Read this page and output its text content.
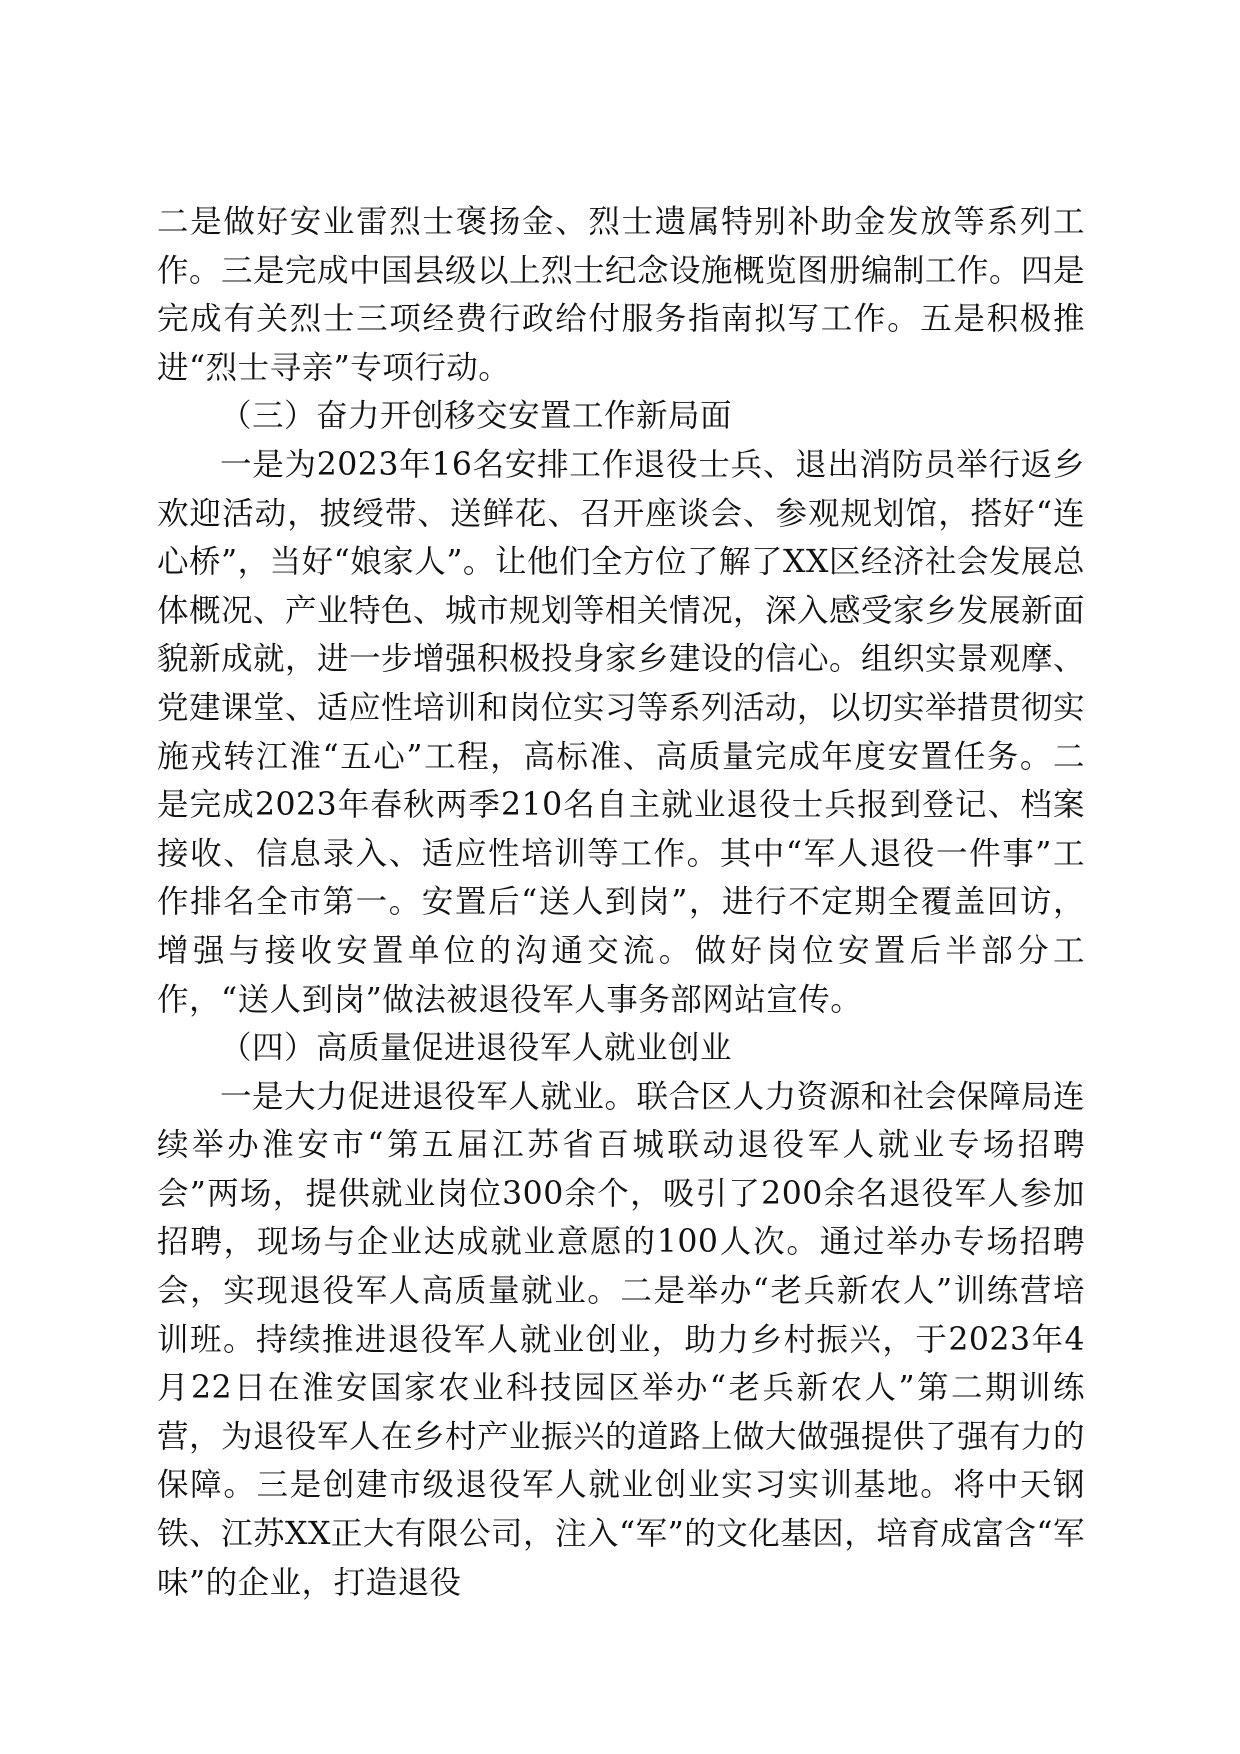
二是做好安业雷烈士褒扬金、烈士遗属特别补助金发放等系列工作。三是完成中国县级以上烈士纪念设施概览图册编制工作。四是完成有关烈士三项经费行政给付服务指南拟写工作。五是积极推进“烈士寻亲”专项行动。

（三）奋力开创移交安置工作新局面

一是为2023年16名安排工作退役士兵、退出消防员举行返乡欢迎活动，披绶带、送鲜花、召开座谈会、参观规划馆，搭好“连心桥”，当好“娘家人”。让他们全方位了解了XX区经济社会发展总体概况、产业特色、城市规划等相关情况，深入感受家乡发展新面貌新成就，进一步增强积极投身家乡建设的信心。组织实景观摩、党建课堂、适应性培训和岗位实习等系列活动，以切实举措贯彻实施戎转江淮“五心”工程，高标准、高质量完成年度安置任务。二是完成2023年春秋两季210名自主就业退役士兵报到登记、档案接收、信息录入、适应性培训等工作。其中“军人退役一件事”工作排名全市第一。安置后“送人到岗”，进行不定期全覆盖回访，增强与接收安置单位的沟通交流。做好岗位安置后半部分工作，“送人到岗”做法被退役军人事务部网站宣传。

（四）高质量促进退役军人就业创业

一是大力促进退役军人就业。联合区人力资源和社会保障局连续举办淮安市“第五届江苏省百城联动退役军人就业专场招聘会”两场，提供就业岗位300余个，吸引了200余名退役军人参加招聘，现场与企业达成就业意愿的100人次。通过举办专场招聘会，实现退役军人高质量就业。二是举办“老兵新农人”训练营培训班。持续推进退役军人就业创业，助力乡村振兴，于2023年4月22日在淮安国家农业科技园区举办“老兵新农人”第二期训练营，为退役军人在乡村产业振兴的道路上做大做强提供了强有力的保障。三是创建市级退役军人就业创业实习实训基地。将中天钢铁、江苏XX正大有限公司，注入“军”的文化基因，培育成富含“军味”的企业，打造退役
